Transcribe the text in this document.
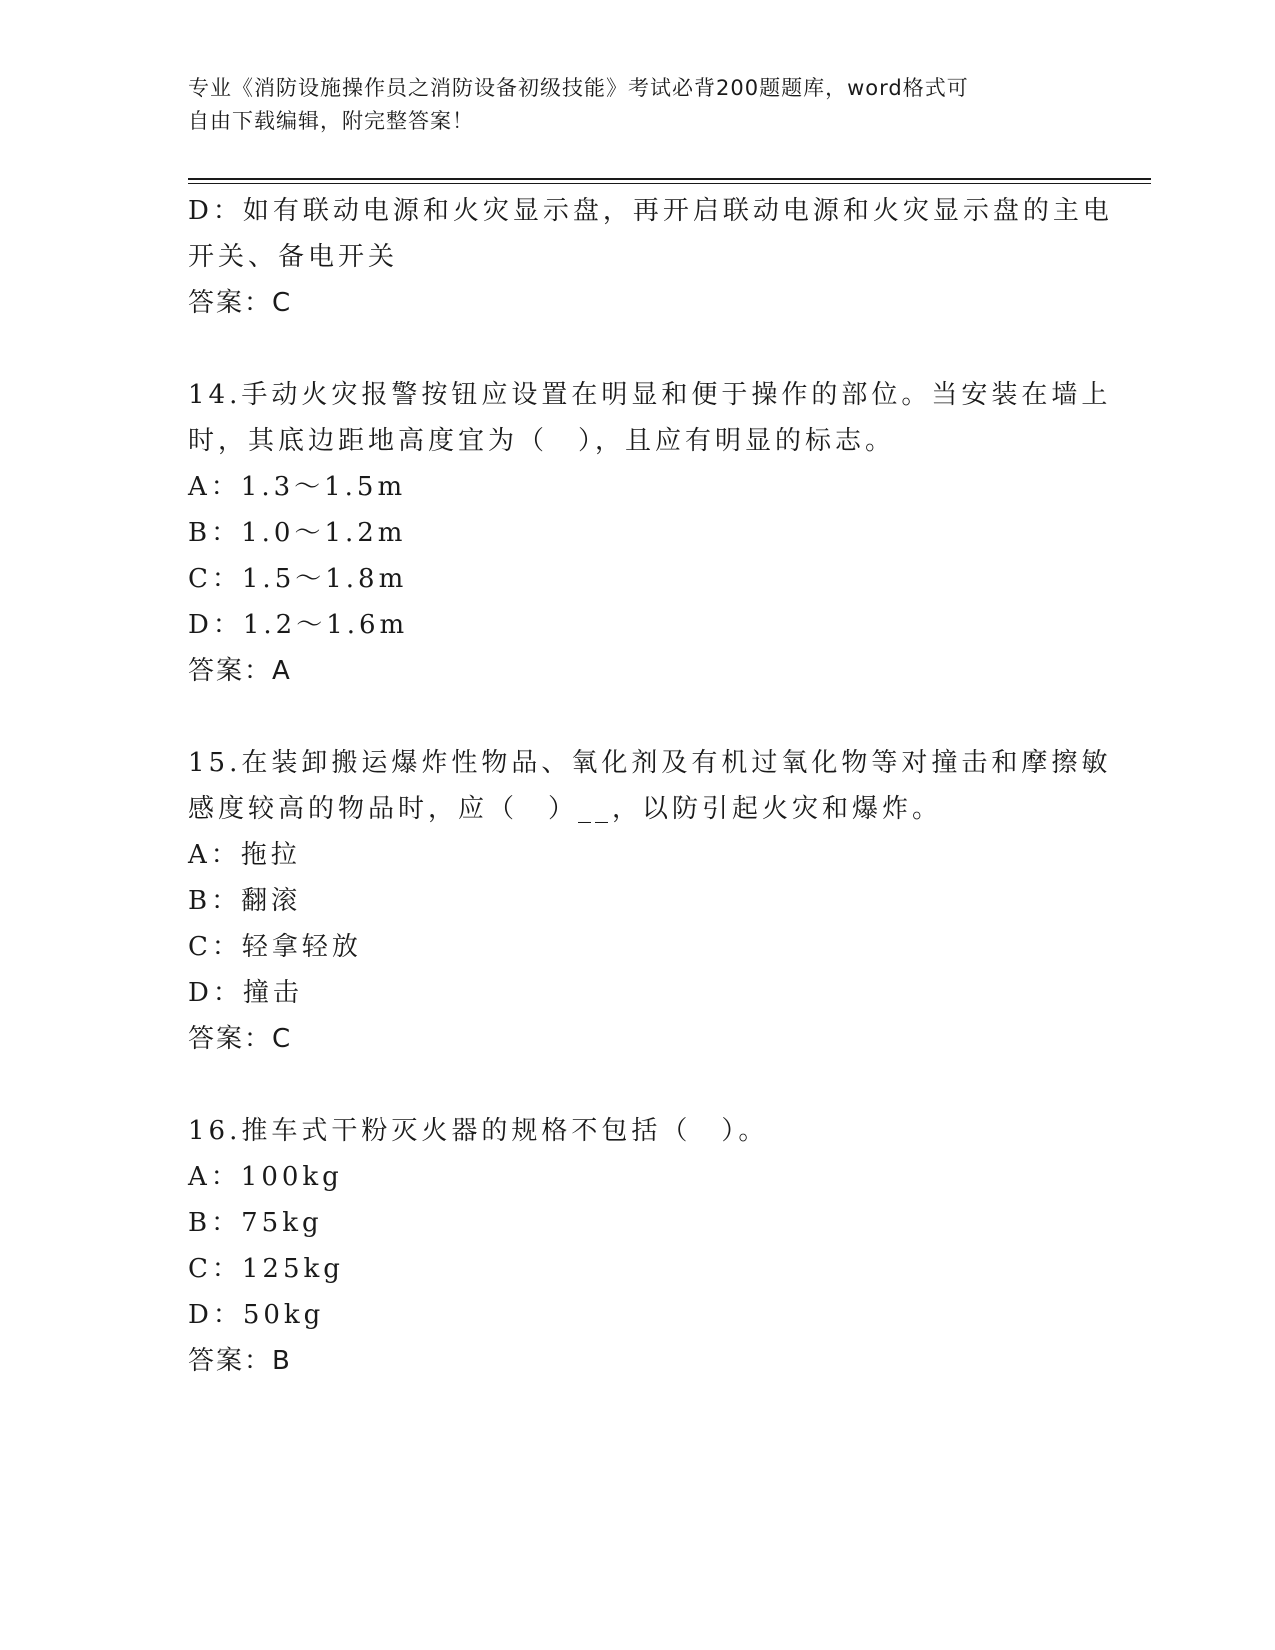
专业《消防设施操作员之消防设备初级技能》考试必背200题题库，word格式可
自由下载编辑，附完整答案！
D：如有联动电源和火灾显示盘，再开启联动电源和火灾显示盘的主电
开关、备电开关
答案：C
14.手动火灾报警按钮应设置在明显和便于操作的部位。当安装在墙上
时，其底边距地高度宜为（　），且应有明显的标志。
A：1.3～1.5m
B：1.0～1.2m
C：1.5～1.8m
D：1.2～1.6m
答案：A
15.在装卸搬运爆炸性物品、氧化剂及有机过氧化物等对撞击和摩擦敏
感度较高的物品时，应（　）__，以防引起火灾和爆炸。
A：拖拉
B：翻滚
C：轻拿轻放
D：撞击
答案：C
16.推车式干粉灭火器的规格不包括（　）。
A：100kg
B：75kg
C：125kg
D：50kg
答案：B
